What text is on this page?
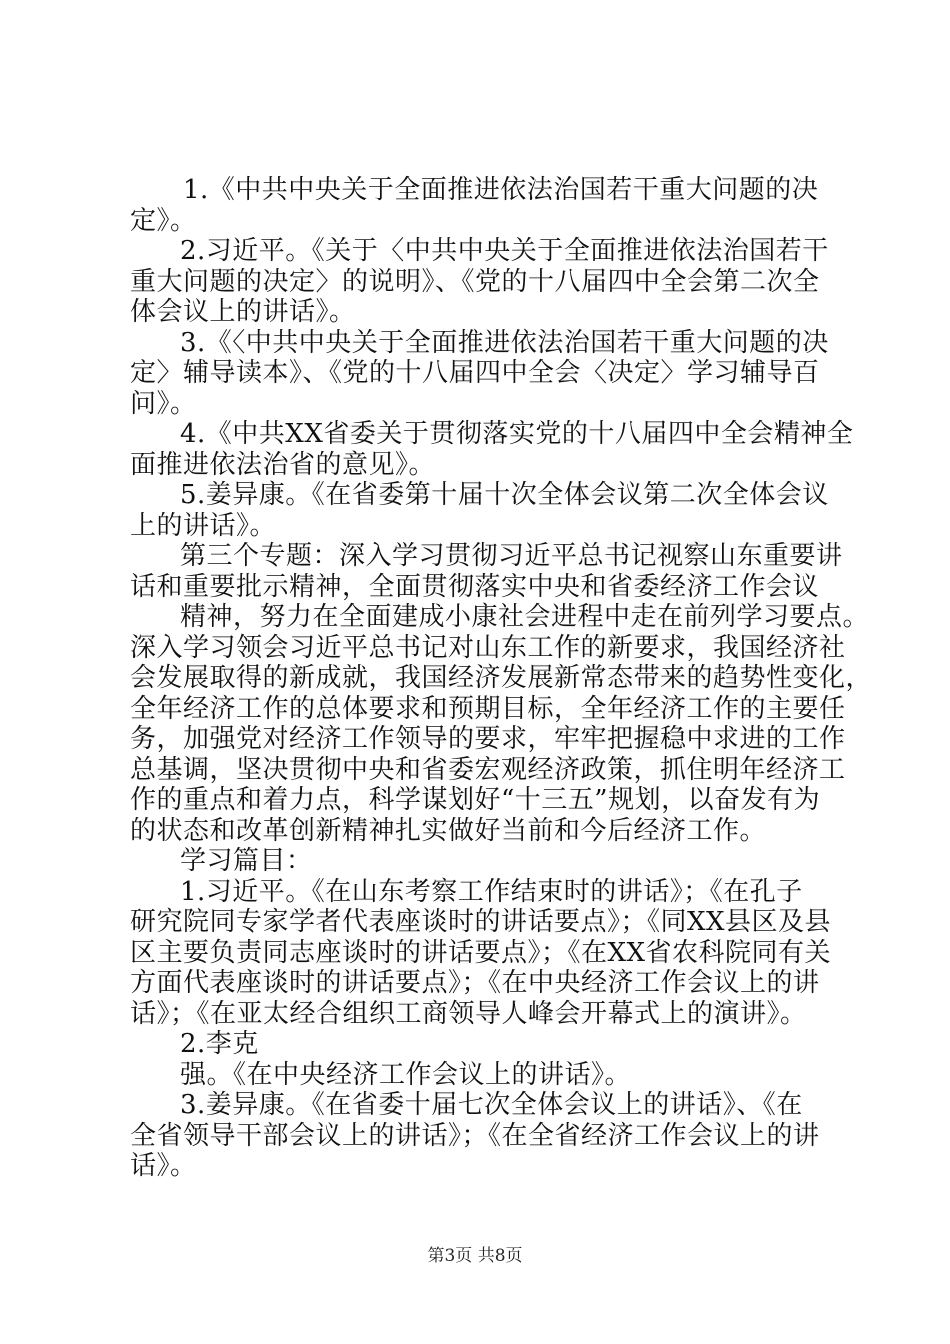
1.《中共中央关于全面推进依法治国若干重大问题的决
定》。
2.习近平。《关于〈中共中央关于全面推进依法治国若干
重大问题的决定〉的说明》、《党的十八届四中全会第二次全
体会议上的讲话》。
3.《〈中共中央关于全面推进依法治国若干重大问题的决
定〉辅导读本》、《党的十八届四中全会〈决定〉学习辅导百
问》。
4.《中共XX省委关于贯彻落实党的十八届四中全会精神全
面推进依法治省的意见》。
5.姜异康。《在省委第十届十次全体会议第二次全体会议
上的讲话》。
第三个专题：深入学习贯彻习近平总书记视察山东重要讲
话和重要批示精神，全面贯彻落实中央和省委经济工作会议
精神，努力在全面建成小康社会进程中走在前列学习要点。
深入学习领会习近平总书记对山东工作的新要求，我国经济社
会发展取得的新成就，我国经济发展新常态带来的趋势性变化，
全年经济工作的总体要求和预期目标，全年经济工作的主要任
务，加强党对经济工作领导的要求，牢牢把握稳中求进的工作
总基调，坚决贯彻中央和省委宏观经济政策，抓住明年经济工
作的重点和着力点，科学谋划好“十三五”规划，以奋发有为
的状态和改革创新精神扎实做好当前和今后经济工作。
学习篇目：
1.习近平。《在山东考察工作结束时的讲话》；《在孔子
研究院同专家学者代表座谈时的讲话要点》；《同XX县区及县
区主要负责同志座谈时的讲话要点》；《在XX省农科院同有关
方面代表座谈时的讲话要点》；《在中央经济工作会议上的讲
话》；《在亚太经合组织工商领导人峰会开幕式上的演讲》。
2.李克
强。《在中央经济工作会议上的讲话》。
3.姜异康。《在省委十届七次全体会议上的讲话》、《在
全省领导干部会议上的讲话》；《在全省经济工作会议上的讲
话》。
第3页 共8页
